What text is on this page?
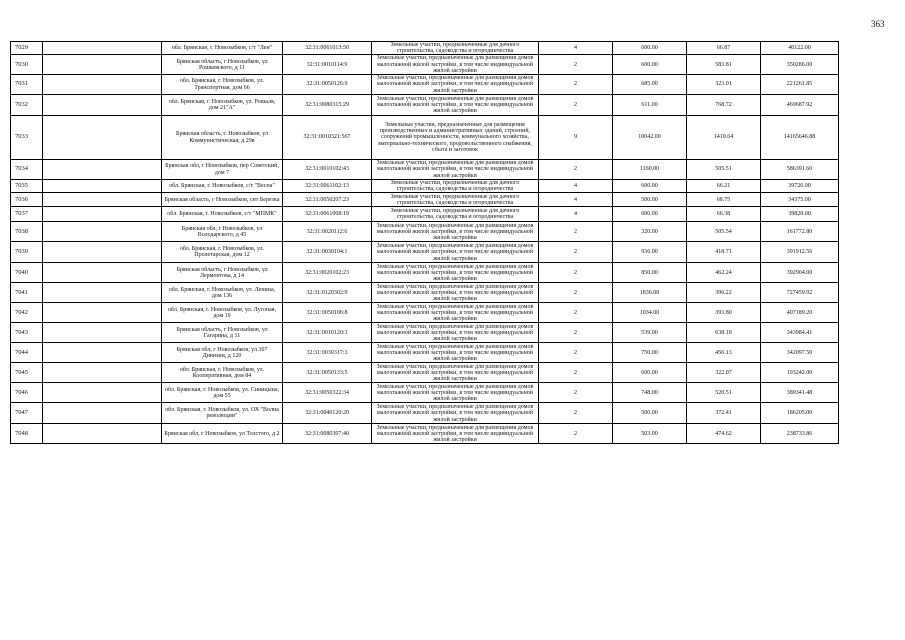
363
7029		обл. Брянская, г. Новозыбков, с/т "Лен"	32:31:0061013:50	Земельные участки, предназначенные для дачного строительства, садоводства и огородничества	4	600.00	66.87	40122.00
7030		Брянская область, г Новозыбков, ул Рошкевского, д 11	32:31:0010114:9	Земельные участки, предназначенные для размещения домов малоэтажной жилой застройки, в том числе индивидуальной жилой застройки	2	600.00	583.81	350286.00
7031		обл. Брянская, г. Новозыбков, ул. Транспортная, дом 66	32:31:0050126:9	Земельные участки, предназначенные для размещения домов малоэтажной жилой застройки, в том числе индивидуальной жилой застройки	2	685.00	323.01	221261.85
7032		обл. Брянская, г. Новозыбков, ул. Рошаля, дом 21"А"	32:31:0080315:29	Земельные участки, предназначенные для размещения домов малоэтажной жилой застройки, в том числе индивидуальной жилой застройки	2	611.00	768.72	469687.92
7033		Брянская область, г. Новозыбков, ул Коммунистическая, д 29в	32:31:0010321:567	Земельные участки, предназначенные для размещения производственных и административных зданий, строений, сооружений промышленности, коммунального хозяйства, материально-технического, продовольственного снабжения, сбыта и заготовок	9	10042.00	1410.64	14165646.88
7034		Брянская обл, г Новозыбков, пер Советский, дом 7	32:31:0010102:43	Земельные участки, предназначенные для размещения домов малоэтажной жилой застройки, в том числе индивидуальной жилой застройки	2	1160.00	505.51	586391.60
7035		обл. Брянская, г. Новозыбков, с/т "Весна"	32:31:0061102:13	Земельные участки, предназначенные для дачного строительства, садоводства и огородничества	4	600.00	66.21	39726.00
7036		Брянская область, г Новозыбков, снт Березка	32:31:0050207:23	Земельные участки, предназначенные для дачного строительства, садоводства и огородничества	4	500.00	68.75	34375.00
7037		обл. Брянская, г. Новозыбков, с/т "МПМК"	32:31:0061008:19	Земельные участки, предназначенные для дачного строительства, садоводства и огородничества	4	600.00	66.38	39828.00
7038		Брянская обл, г Новозыбков, ул Володарского, д 45	32:31:0020112:6	Земельные участки, предназначенные для размещения домов малоэтажной жилой застройки, в том числе индивидуальной жилой застройки	2	320.00	505.54	161772.80
7039		обл. Брянская, г. Новозыбков, ул. Пролетарская, дом 12	32:31:0030104:1	Земельные участки, предназначенные для размещения домов малоэтажной жилой застройки, в том числе индивидуальной жилой застройки	2	936.00	418.71	391912.56
7040		Брянская область, г Новозыбков, ул Лермонтова, д 14	32:31:0020102:23	Земельные участки, предназначенные для размещения домов малоэтажной жилой застройки, в том числе индивидуальной жилой застройки	2	850.00	462.24	392904.00
7041		обл. Брянская, г. Новозыбков, ул. Ленина, дом 136	32:31:0120302:9	Земельные участки, предназначенные для размещения домов малоэтажной жилой застройки, в том числе индивидуальной жилой застройки	2	1836.00	396.22	727459.92
7042		обл. Брянская, г. Новозыбков, ул. Лугопая, дом 19	32:31:0050106:8	Земельные участки, предназначенные для размещения домов малоэтажной жилой застройки, в том числе индивидуальной жилой застройки	2	1034.00	393.80	407189.20
7043		Брянская область, г Новозыбков, ул Гагарина, д 11	32:31:0010120:3	Земельные участки, предназначенные для размещения домов малоэтажной жилой застройки, в том числе индивидуальной жилой застройки	2	539.00	638.19	343984.41
7044		Брянская обл, г Новозыбков, ул 307 Дивизии, д 120	32:31:0030317:3	Земельные участки, предназначенные для размещения домов малоэтажной жилой застройки, в том числе индивидуальной жилой застройки	2	750.00	456.13	342097.50
7045		обл. Брянская, г. Новозыбков, ул. Кооперативная, дом 84	32:31:0050133:5	Земельные участки, предназначенные для размещения домов малоэтажной жилой застройки, в том числе индивидуальной жилой застройки	2	600.00	322.07	193242.00
7046		обл. Брянская, г. Новозыбков, ул. Синицына, дом 55	32:31:0050322:34	Земельные участки, предназначенные для размещения домов малоэтажной жилой застройки, в том числе индивидуальной жилой застройки	2	748.00	520.51	389341.48
7047		обл. Брянская, г. Новозыбков, ул. ОХ "Волна революции"	32:31:0040120:20	Земельные участки, предназначенные для размещения домов малоэтажной жилой застройки, в том числе индивидуальной жилой застройки	2	500.00	372.41	186205.00
7048		Брянская обл, г Новозыбков, ул Толстого, д 2	32:31:0080307:40	Земельные участки, предназначенные для размещения домов малоэтажной жилой застройки, в том числе индивидуальной жилой застройки	2	503.00	474.62	238733.86
